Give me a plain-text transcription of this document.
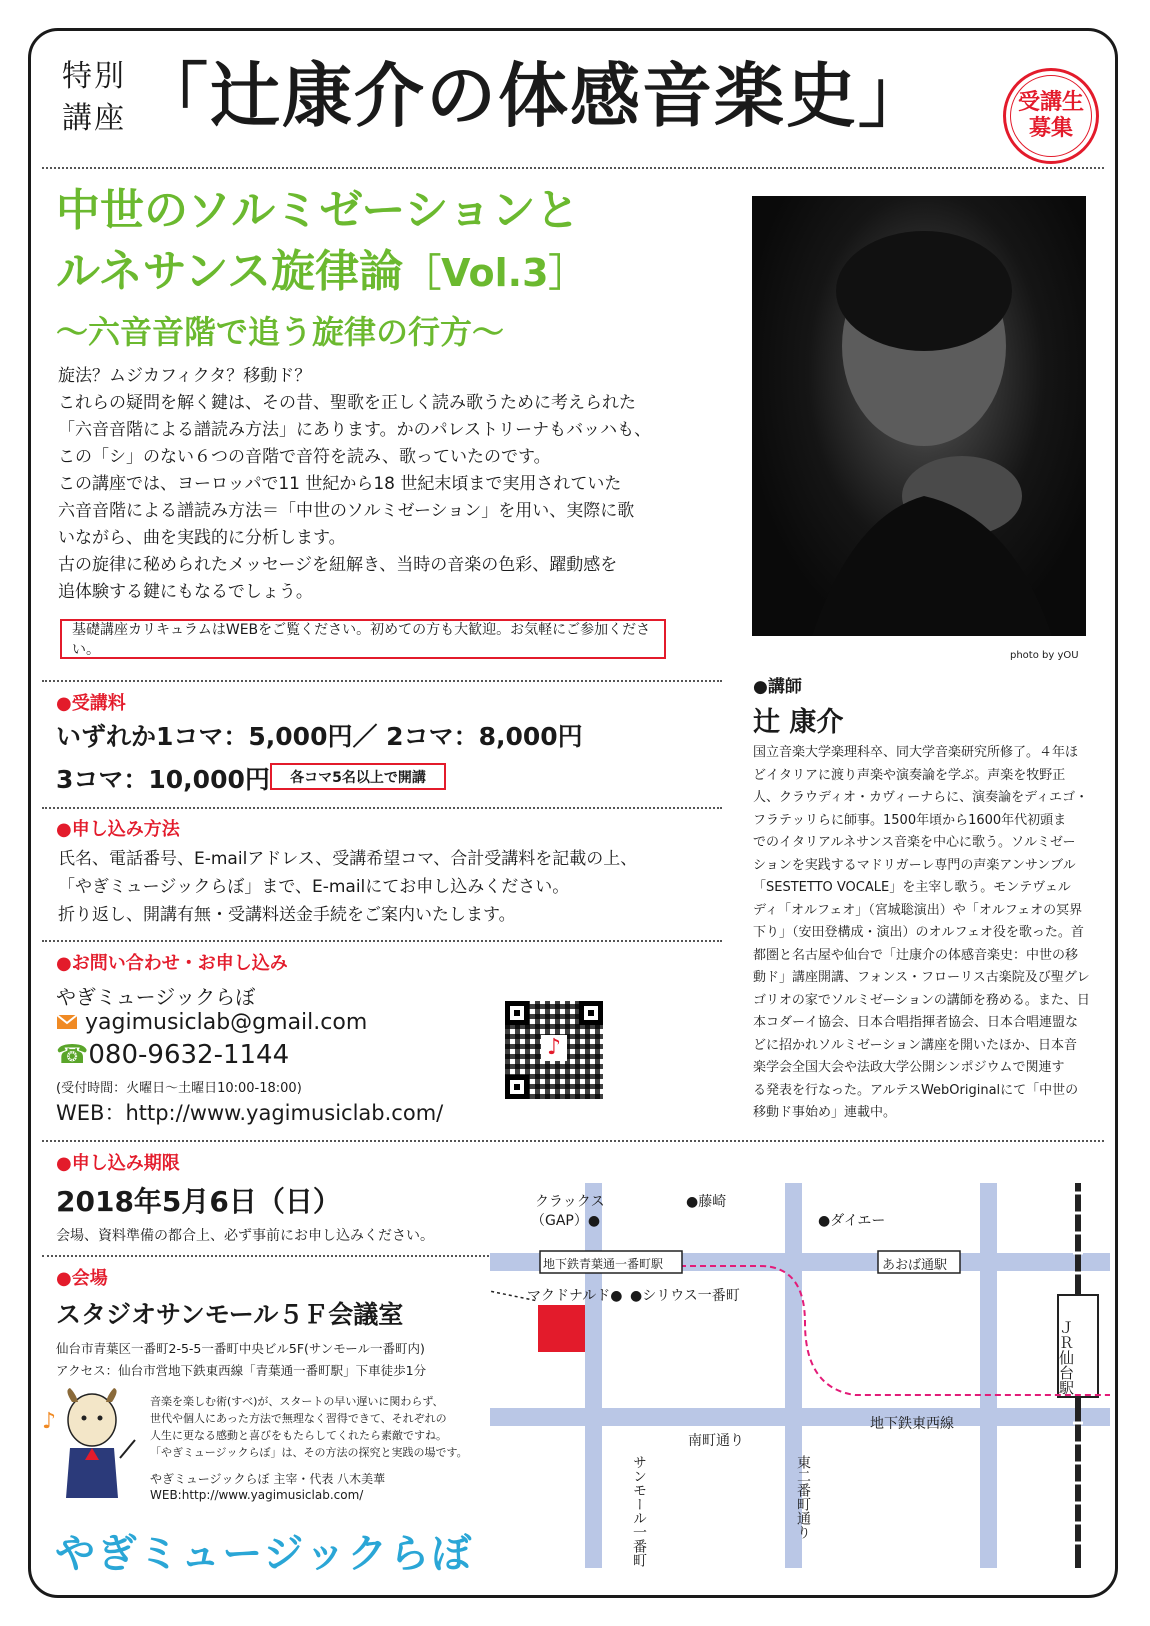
特別
講座 「辻康介の体感音楽史」	受講生
募集
中世のソルミゼーションと
ルネサンス旋律論［Vol.3］
〜六音音階で追う旋律の行方〜
旋法？ムジカフィクタ？移動ド？
これらの疑問を解く鍵は、その昔、聖歌を正しく読み歌うために考えられた
「六音音階による譜読み方法」にあります。かのパレストリーナもバッハも、
この「シ」のない６つの音階で音符を読み、歌っていたのです。
この講座では、ヨーロッパで11 世紀から18 世紀末頃まで実用されていた
六音音階による譜読み方法＝「中世のソルミゼーション」を用い、実際に歌
いながら、曲を実践的に分析します。
古の旋律に秘められたメッセージを紐解き、当時の音楽の色彩、躍動感を
追体験する鍵にもなるでしょう。
基礎講座カリキュラムはWEBをご覧ください。初めての方も大歓迎。お気軽にご参加ください。
●受講料
いずれか1コマ：5,000円／ 2コマ：8,000円
3コマ：10,000円	各コマ5名以上で開講
●申し込み方法
氏名、電話番号、E-mailアドレス、受講希望コマ、合計受講料を記載の上、
「やぎミュージックらぼ」まで、E-mailにてお申し込みください。
折り返し、開講有無・受講料送金手続をご案内いたします。
●お問い合わせ・お申し込み
やぎミュージックらぼ
yagimusiclab@gmail.com
☎080-9632-1144
(受付時間：火曜日〜土曜日10:00-18:00)
WEB：http://www.yagimusiclab.com/
♪
●申し込み期限
2018年5月6日（日）
会場、資料準備の都合上、必ず事前にお申し込みください。
●会場
スタジオサンモール５Ｆ会議室
仙台市青葉区一番町2-5-5一番町中央ビル5F(サンモール一番町内)
アクセス：仙台市営地下鉄東西線「青葉通一番町駅」下車徒歩1分
photo by yOU
●講師
辻 康介
国立音楽大学楽理科卒、同大学音楽研究所修了。４年ほ
どイタリアに渡り声楽や演奏論を学ぶ。声楽を牧野正
人、クラウディオ・カヴィーナらに、演奏論をディエゴ・
フラテッリらに師事。1500年頃から1600年代初頭ま
でのイタリアルネサンス音楽を中心に歌う。ソルミゼー
ションを実践するマドリガーレ専門の声楽アンサンブル
「SESTETTO VOCALE」を主宰し歌う。モンテヴェル
ディ「オルフェオ」（宮城聡演出）や「オルフェオの冥界
下り」（安田登構成・演出）のオルフェオ役を歌った。首
都圏と名古屋や仙台で「辻康介の体感音楽史：中世の移
動ド」講座開講、フォンス・フローリス古楽院及び聖グレ
ゴリオの家でソルミゼーションの講師を務める。また、日
本コダーイ協会、日本合唱指揮者協会、日本合唱連盟な
どに招かれソルミゼーション講座を開いたほか、日本音
楽学会全国大会や法政大学公開シンポジウムで関連す
る発表を行なった。アルテスWebOriginalにて「中世の
移動ド事始め」連載中。
クラックス
（GAP）●
●藤崎
●ダイエー
地下鉄青葉通一番町駅	あおば通駅
マクドナルド● ●シリウス一番町
地下鉄東西線
南町通り
サンモール一番町	東二番町通り
ＪＲ仙台駅
♪
音楽を楽しむ術(すべ)が、スタートの早い遅いに関わらず、
世代や個人にあった方法で無理なく習得できて、それぞれの
人生に更なる感動と喜びをもたらしてくれたら素敵ですね。
「やぎミュージックらぼ」は、その方法の探究と実践の場です。
やぎミュージックらぼ 主宰・代表 八木美華
WEB:http://www.yagimusiclab.com/
やぎミュージックらぼ
